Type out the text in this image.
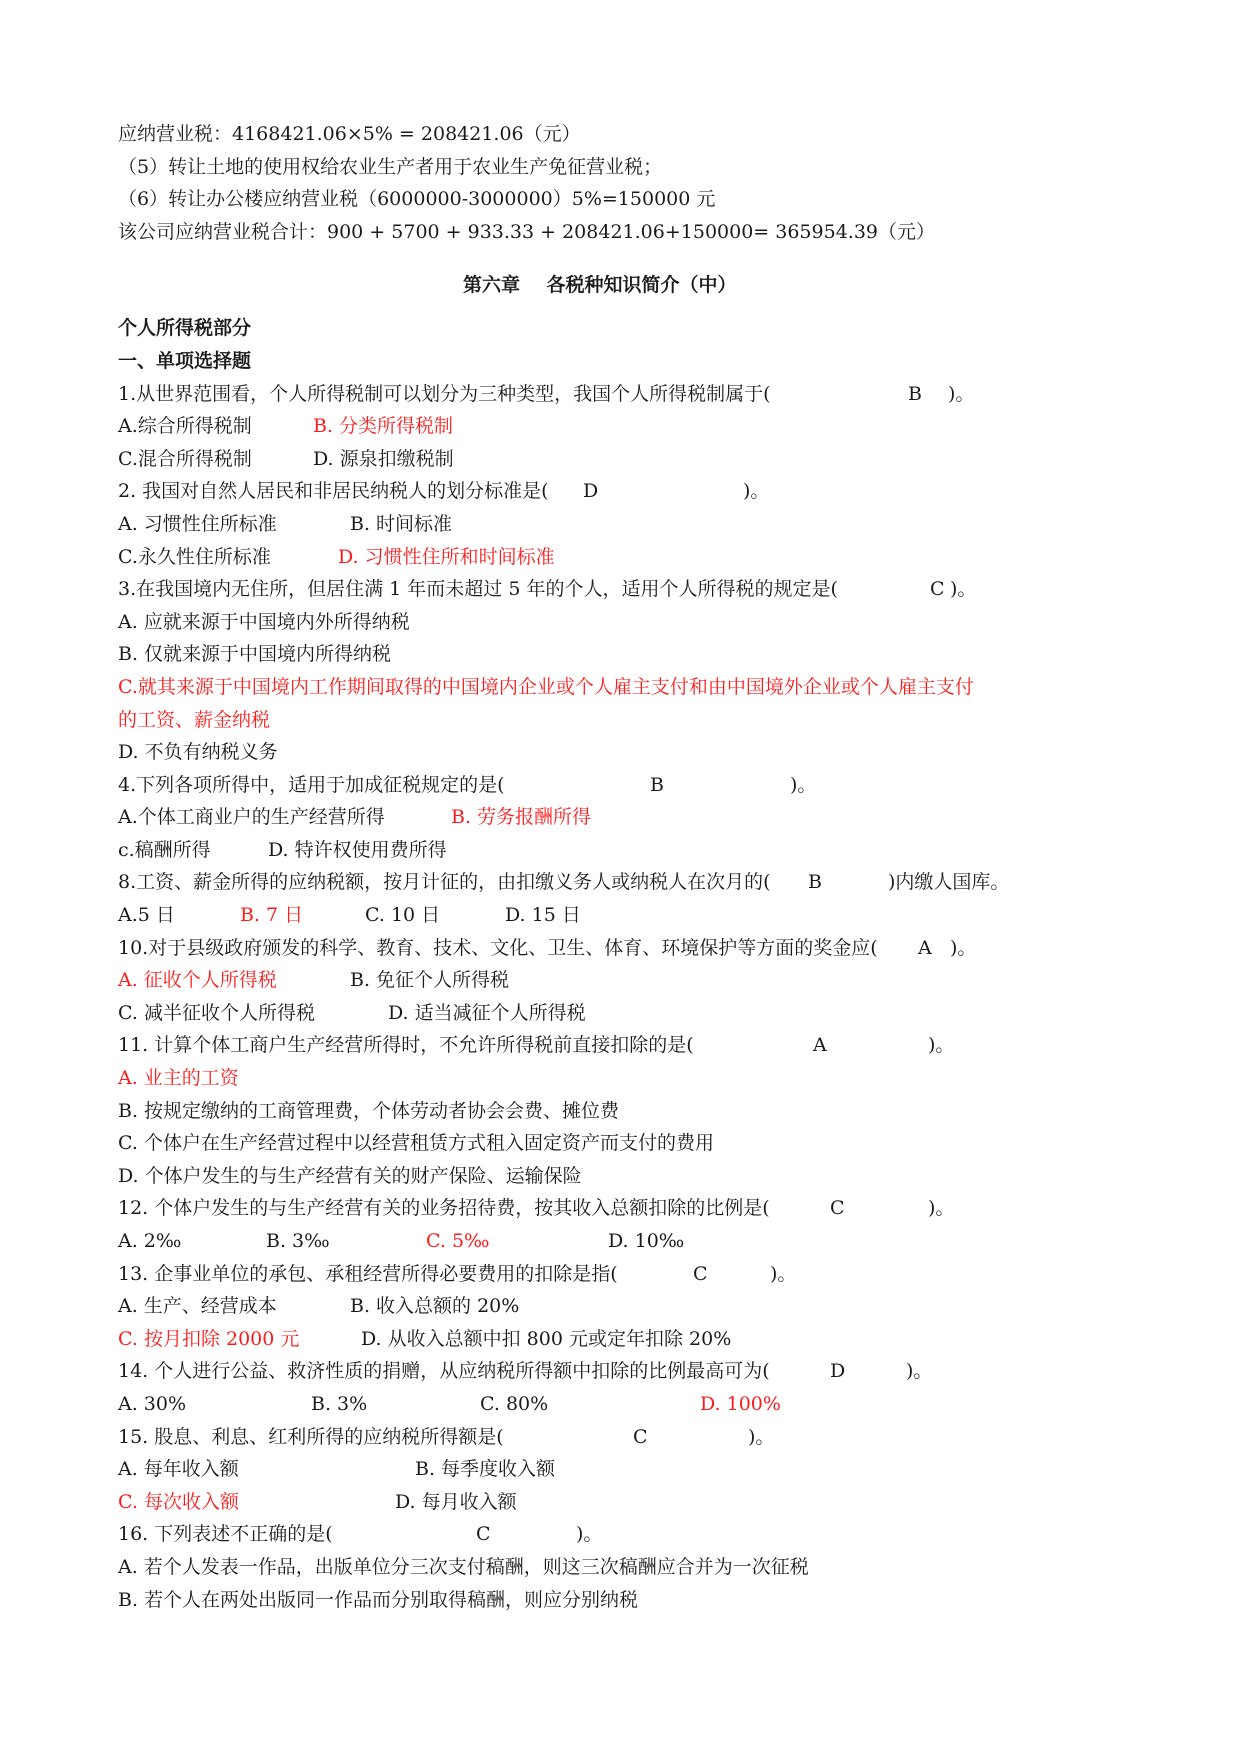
应纳营业税：4168421.06×5% = 208421.06（元）
（5）转让土地的使用权给农业生产者用于农业生产免征营业税；
（6）转让办公楼应纳营业税（6000000-3000000）5%=150000 元
该公司应纳营业税合计：900 + 5700 + 933.33 + 208421.06+150000= 365954.39（元）
第六章    各税种知识简介（中）
个人所得税部分
一、单项选择题

1.从世界范围看，个人所得税制可以划分为三种类型，我国个人所得税制属于(

	B

)。

A.综合所得税制

	B. 分类所得税制

C.混合所得税制

	D. 源泉扣缴税制

2. 我国对自然人居民和非居民纳税人的划分标准是(

D

	)。

A. 习惯性住所标准

	B. 时间标准

C.永久性住所标准

	D. 习惯性住所和时间标准

3.在我国境内无住所，但居住满 1 年而未超过 5 年的个人，适用个人所得税的规定是(

	C

)。

A. 应就来源于中国境内外所得纳税
B. 仅就来源于中国境内所得纳税
C.就其来源于中国境内工作期间取得的中国境内企业或个人雇主支付和由中国境外企业或个人雇主支付
的工资、薪金纳税
D. 不负有纳税义务

4.下列各项所得中，适用于加成征税规定的是(

	B

	)。

A.个体工商业户的生产经营所得

	B. 劳务报酬所得

c.稿酬所得

	D. 特许权使用费所得

8.工资、薪金所得的应纳税额，按月计征的，由扣缴义务人或纳税人在次月的(

B

	)内缴人国库。

A.5 日

	B. 7 日

	C. 10 日

	D. 15 日

10.对于县级政府颁发的科学、教育、技术、文化、卫生、体育、环境保护等方面的奖金应(

A

)。

A. 征收个人所得税

	B. 免征个人所得税

C. 减半征收个人所得税

	D. 适当减征个人所得税

11. 计算个体工商户生产经营所得时，不允许所得税前直接扣除的是(

	A

	)。

A. 业主的工资
B. 按规定缴纳的工商管理费，个体劳动者协会会费、摊位费
C. 个体户在生产经营过程中以经营租赁方式租入固定资产而支付的费用
D. 个体户发生的与生产经营有关的财产保险、运输保险

12. 个体户发生的与生产经营有关的业务招待费，按其收入总额扣除的比例是(

	C

	)。

A. 2‰

	B. 3‰

	C. 5‰

	D. 10‰

13. 企事业单位的承包、承租经营所得必要费用的扣除是指(

	C

	)。

A. 生产、经营成本

	B. 收入总额的 20%

C. 按月扣除 2000 元

	D. 从收入总额中扣 800 元或定年扣除 20%

14. 个人进行公益、救济性质的捐赠，从应纳税所得额中扣除的比例最高可为(

	D

	)。

A. 30%

	B. 3%

	C. 80%

	D. 100%

15. 股息、利息、红利所得的应纳税所得额是(

	C

	)。

A. 每年收入额

	B. 每季度收入额

C. 每次收入额

	D. 每月收入额

16. 下列表述不正确的是(

	C

	)。

A. 若个人发表一作品，出版单位分三次支付稿酬，则这三次稿酬应合并为一次征税
B. 若个人在两处出版同一作品而分别取得稿酬，则应分别纳税
